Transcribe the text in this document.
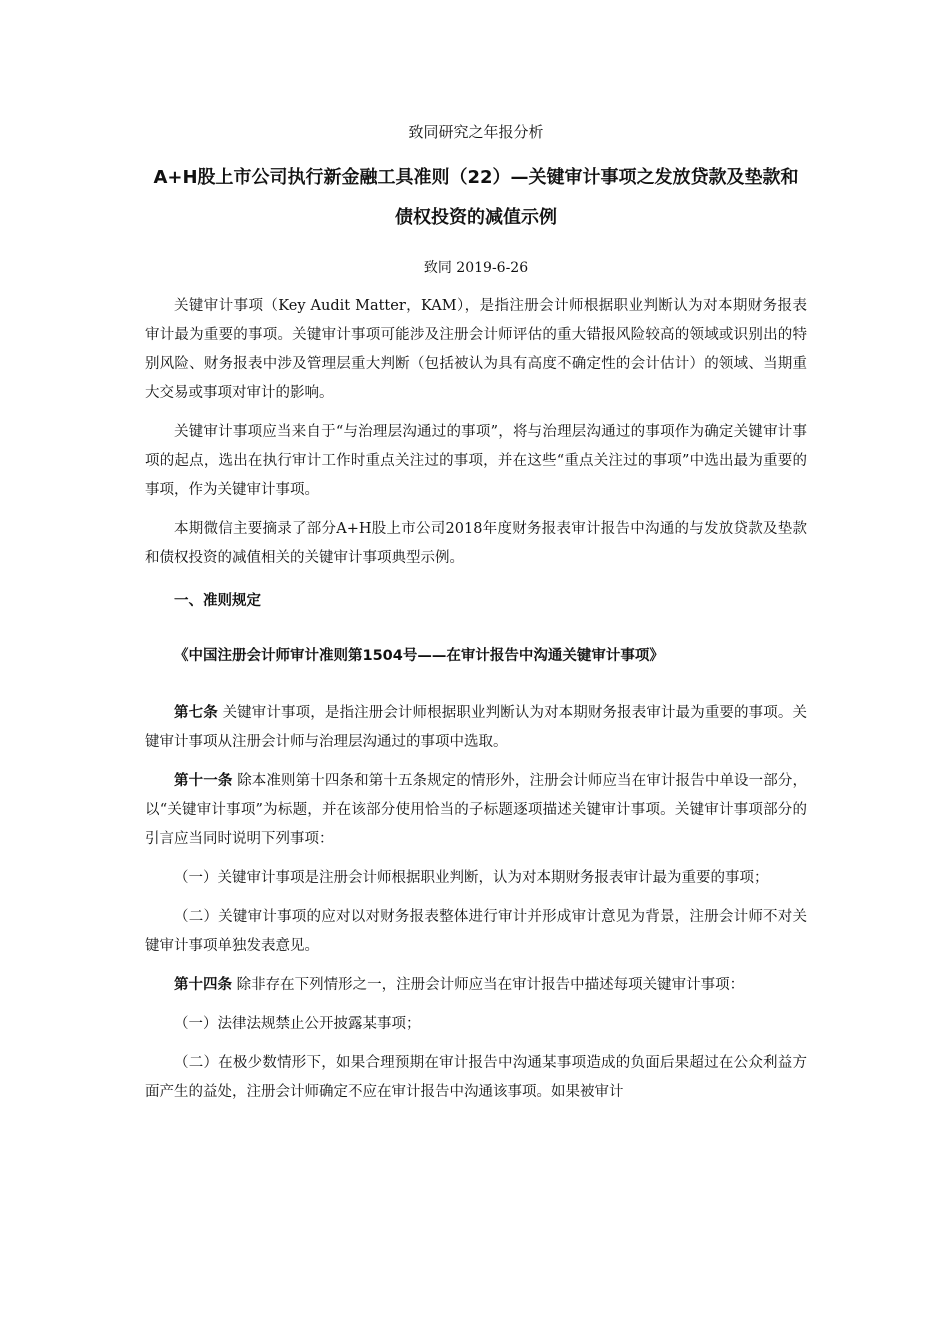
致同研究之年报分析
A+H股上市公司执行新金融工具准则（22）—关键审计事项之发放贷款及垫款和债权投资的减值示例
致同 2019-6-26

关键审计事项（Key Audit Matter，KAM），是指注册会计师根据职业判断认为对本期财务报表审计最为重要的事项。关键审计事项可能涉及注册会计师评估的重大错报风险较高的领域或识别出的特别风险、财务报表中涉及管理层重大判断（包括被认为具有高度不确定性的会计估计）的领域、当期重大交易或事项对审计的影响。

关键审计事项应当来自于“与治理层沟通过的事项”，将与治理层沟通过的事项作为确定关键审计事项的起点，选出在执行审计工作时重点关注过的事项，并在这些“重点关注过的事项”中选出最为重要的事项，作为关键审计事项。

本期微信主要摘录了部分A+H股上市公司2018年度财务报表审计报告中沟通的与发放贷款及垫款和债权投资的减值相关的关键审计事项典型示例。

一、准则规定
《中国注册会计师审计准则第1504号——在审计报告中沟通关键审计事项》

第七条 关键审计事项，是指注册会计师根据职业判断认为对本期财务报表审计最为重要的事项。关键审计事项从注册会计师与治理层沟通过的事项中选取。

第十一条 除本准则第十四条和第十五条规定的情形外，注册会计师应当在审计报告中单设一部分，以“关键审计事项”为标题，并在该部分使用恰当的子标题逐项描述关键审计事项。关键审计事项部分的引言应当同时说明下列事项：

（一）关键审计事项是注册会计师根据职业判断，认为对本期财务报表审计最为重要的事项；

（二）关键审计事项的应对以对财务报表整体进行审计并形成审计意见为背景，注册会计师不对关键审计事项单独发表意见。

第十四条 除非存在下列情形之一，注册会计师应当在审计报告中描述每项关键审计事项：

（一）法律法规禁止公开披露某事项；

（二）在极少数情形下，如果合理预期在审计报告中沟通某事项造成的负面后果超过在公众利益方面产生的益处，注册会计师确定不应在审计报告中沟通该事项。如果被审计
